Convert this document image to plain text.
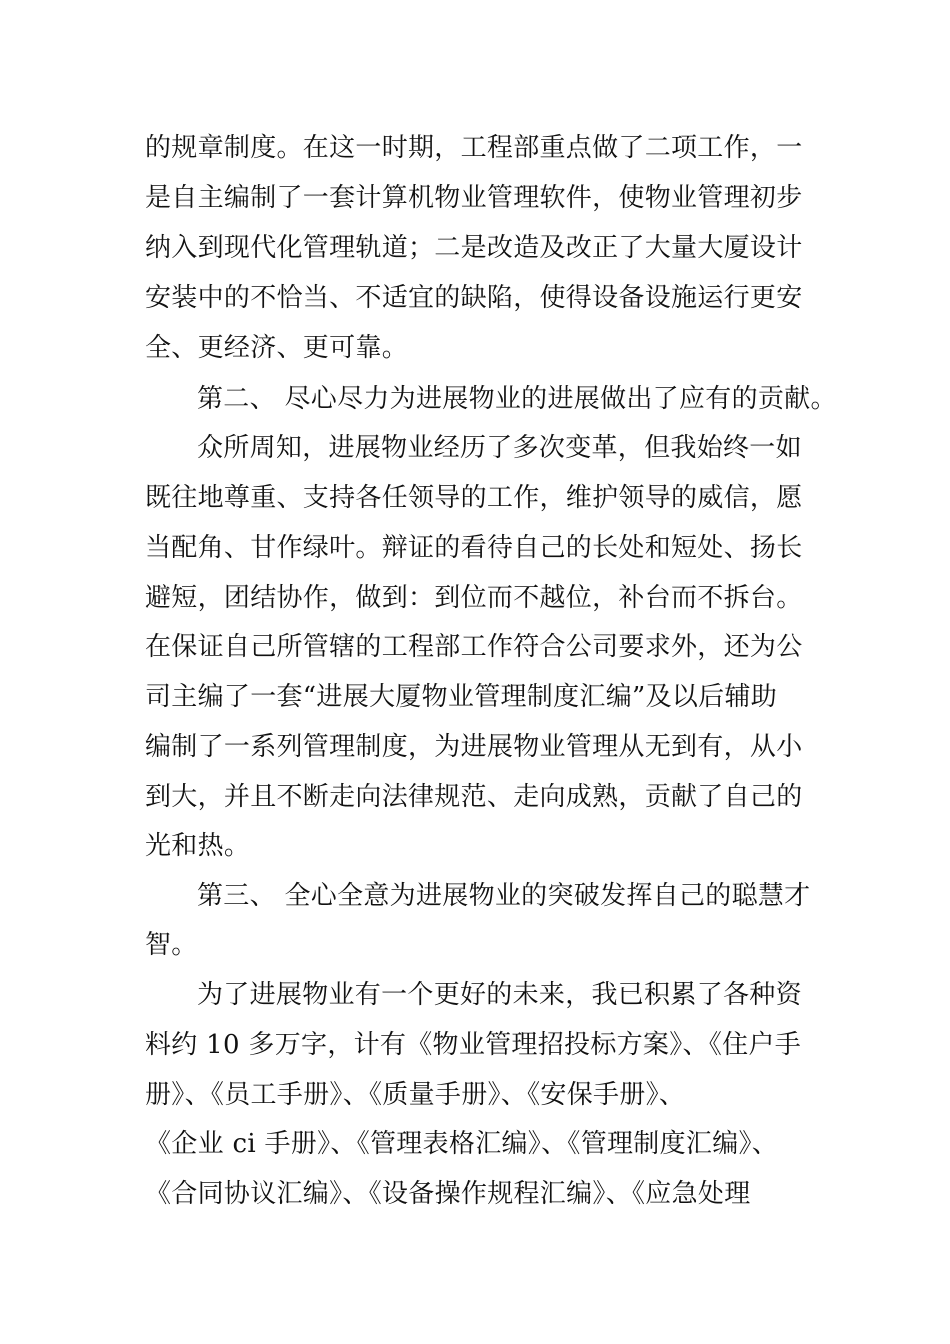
的规章制度。在这一时期，工程部重点做了二项工作，一
是自主编制了一套计算机物业管理软件，使物业管理初步
纳入到现代化管理轨道；二是改造及改正了大量大厦设计
安装中的不恰当、不适宜的缺陷，使得设备设施运行更安
全、更经济、更可靠。
第二、 尽心尽力为进展物业的进展做出了应有的贡献。
众所周知，进展物业经历了多次变革，但我始终一如
既往地尊重、支持各任领导的工作，维护领导的威信，愿
当配角、甘作绿叶。辩证的看待自己的长处和短处、扬长
避短，团结协作，做到：到位而不越位，补台而不拆台。
在保证自己所管辖的工程部工作符合公司要求外，还为公
司主编了一套“进展大厦物业管理制度汇编”及以后辅助
编制了一系列管理制度，为进展物业管理从无到有，从小
到大，并且不断走向法律规范、走向成熟，贡献了自己的
光和热。
第三、 全心全意为进展物业的突破发挥自己的聪慧才
智。
为了进展物业有一个更好的未来，我已积累了各种资
料约 10 多万字，计有《物业管理招投标方案》、《住户手
册》、《员工手册》、《质量手册》、《安保手册》、
《企业 ci 手册》、《管理表格汇编》、《管理制度汇编》、
《合同协议汇编》、《设备操作规程汇编》、《应急处理
